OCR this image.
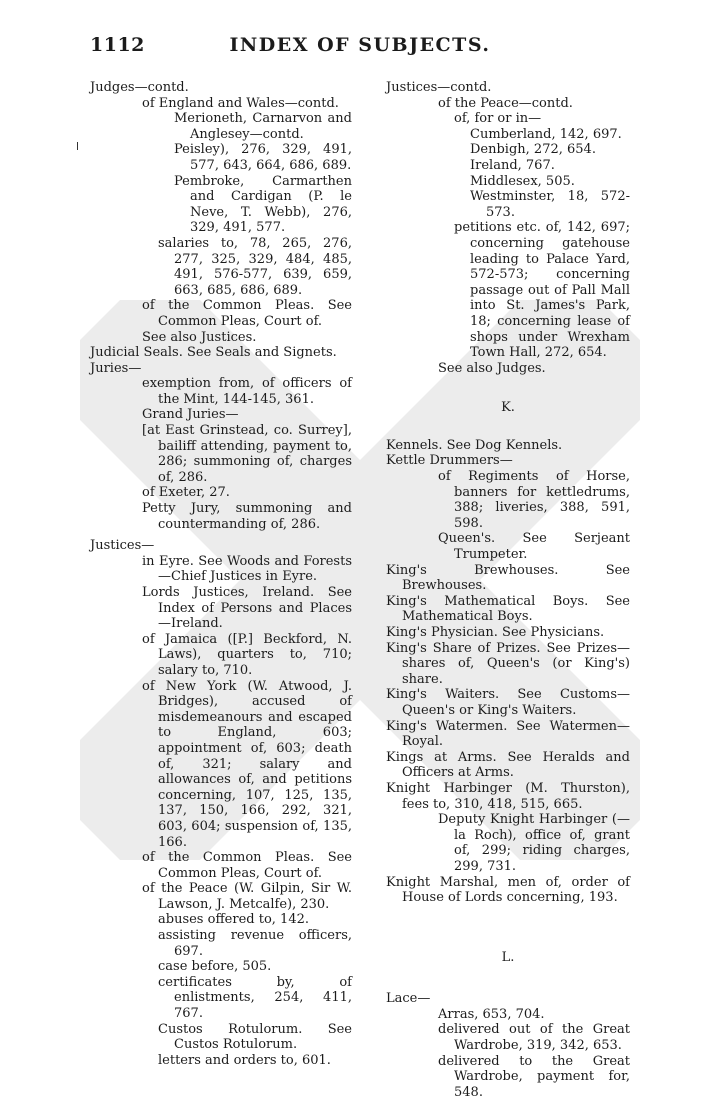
1112	INDEX OF SUBJECTS.
Judges—contd.
of England and Wales—contd.
Merioneth, Carnarvon and Anglesey—contd.
Peisley), 276, 329, 491, 577, 643, 664, 686, 689.
Pembroke, Carmarthen and Cardigan (P. le Neve, T. Webb), 276, 329, 491, 577.
salaries to, 78, 265, 276, 277, 325, 329, 484, 485, 491, 576-577, 639, 659, 663, 685, 686, 689.
of the Common Pleas. See Common Pleas, Court of.
See also Justices.
Judicial Seals. See Seals and Signets.
Juries—
exemption from, of officers of the Mint, 144-145, 361.
Grand Juries—
[at East Grinstead, co. Surrey], bailiff attending, payment to, 286; summoning of, charges of, 286.
of Exeter, 27.
Petty Jury, summoning and countermanding of, 286.
Justices—
in Eyre. See Woods and Forests—Chief Justices in Eyre.
Lords Justices, Ireland. See Index of Persons and Places—Ireland.
of Jamaica ([P.] Beckford, N. Laws), quarters to, 710; salary to, 710.
of New York (W. Atwood, J. Bridges), accused of misdemeanours and escaped to England, 603; appointment of, 603; death of, 321; salary and allowances of, and petitions concerning, 107, 125, 135, 137, 150, 166, 292, 321, 603, 604; suspension of, 135, 166.
of the Common Pleas. See Common Pleas, Court of.
of the Peace (W. Gilpin, Sir W. Lawson, J. Metcalfe), 230.
abuses offered to, 142.
assisting revenue officers, 697.
case before, 505.
certificates by, of enlistments, 254, 411, 767.
Custos Rotulorum. See Custos Rotulorum.
letters and orders to, 601.
Justices—contd.
of the Peace—contd.
of, for or in—
Cumberland, 142, 697.
Denbigh, 272, 654.
Ireland, 767.
Middlesex, 505.
Westminster, 18, 572-573.
petitions etc. of, 142, 697; concerning gatehouse leading to Palace Yard, 572-573; concerning passage out of Pall Mall into St. James's Park, 18; concerning lease of shops under Wrexham Town Hall, 272, 654.
See also Judges.
K.
Kennels. See Dog Kennels.
Kettle Drummers—
of Regiments of Horse, banners for kettledrums, 388; liveries, 388, 591, 598.
Queen's. See Serjeant Trumpeter.
King's Brewhouses. See Brewhouses.
King's Mathematical Boys. See Mathematical Boys.
King's Physician. See Physicians.
King's Share of Prizes. See Prizes—shares of, Queen's (or King's) share.
King's Waiters. See Customs—Queen's or King's Waiters.
King's Watermen. See Watermen—Royal.
Kings at Arms. See Heralds and Officers at Arms.
Knight Harbinger (M. Thurston), fees to, 310, 418, 515, 665.
Deputy Knight Harbinger (— la Roch), office of, grant of, 299; riding charges, 299, 731.
Knight Marshal, men of, order of House of Lords concerning, 193.
L.
Lace—
Arras, 653, 704.
delivered out of the Great Wardrobe, 319, 342, 653.
delivered to the Great Wardrobe, payment for, 548.
